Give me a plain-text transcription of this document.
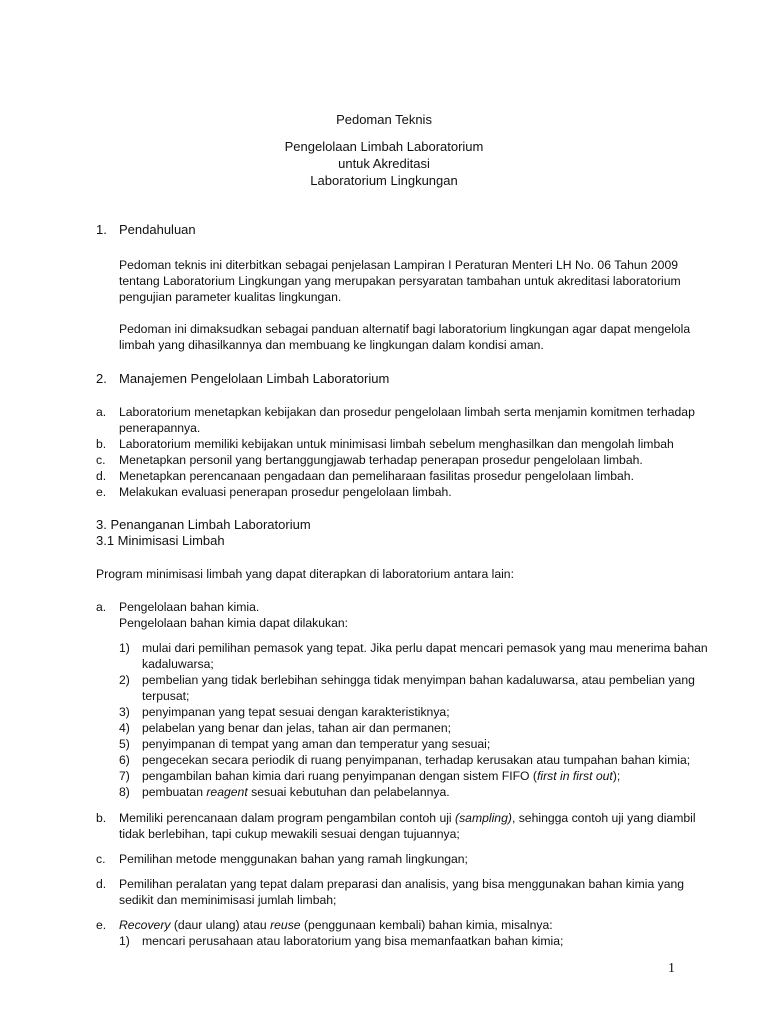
Pedoman Teknis
Pengelolaan Limbah Laboratorium
untuk Akreditasi
Laboratorium Lingkungan
1. Pendahuluan
Pedoman teknis ini diterbitkan sebagai penjelasan Lampiran I Peraturan Menteri LH No. 06 Tahun 2009
tentang Laboratorium Lingkungan yang merupakan persyaratan tambahan untuk akreditasi laboratorium
pengujian parameter kualitas lingkungan.
Pedoman ini dimaksudkan sebagai panduan alternatif bagi laboratorium lingkungan agar dapat mengelola
limbah yang dihasilkannya dan membuang ke lingkungan dalam kondisi aman.
2. Manajemen Pengelolaan Limbah Laboratorium
a. Laboratorium menetapkan kebijakan dan prosedur pengelolaan limbah serta menjamin komitmen terhadap
penerapannya.
b. Laboratorium memiliki kebijakan untuk minimisasi limbah sebelum menghasilkan dan mengolah limbah
c. Menetapkan personil yang bertanggungjawab terhadap penerapan prosedur pengelolaan limbah.
d. Menetapkan perencanaan pengadaan dan pemeliharaan fasilitas prosedur pengelolaan limbah.
e. Melakukan evaluasi penerapan prosedur pengelolaan limbah.
3. Penanganan Limbah Laboratorium
3.1 Minimisasi Limbah
Program minimisasi limbah yang dapat diterapkan di laboratorium antara lain:
a. Pengelolaan bahan kimia.
Pengelolaan bahan kimia dapat dilakukan:
1) mulai dari pemilihan pemasok yang tepat. Jika perlu dapat mencari pemasok yang mau menerima bahan
kadaluwarsa;
2) pembelian yang tidak berlebihan sehingga tidak menyimpan bahan kadaluwarsa, atau pembelian yang
terpusat;
3) penyimpanan yang tepat sesuai dengan karakteristiknya;
4) pelabelan yang benar dan jelas, tahan air dan permanen;
5) penyimpanan di tempat yang aman dan temperatur yang sesuai;
6) pengecekan secara periodik di ruang penyimpanan, terhadap kerusakan atau tumpahan bahan kimia;
7) pengambilan bahan kimia dari ruang penyimpanan dengan sistem FIFO (first in first out);
8) pembuatan reagent sesuai kebutuhan dan pelabelannya.
b. Memiliki perencanaan dalam program pengambilan contoh uji (sampling), sehingga contoh uji yang diambil
tidak berlebihan, tapi cukup mewakili sesuai dengan tujuannya;
c. Pemilihan metode menggunakan bahan yang ramah lingkungan;
d. Pemilihan peralatan yang tepat dalam preparasi dan analisis, yang bisa menggunakan bahan kimia yang
sedikit dan meminimisasi jumlah limbah;
e. Recovery (daur ulang) atau reuse (penggunaan kembali) bahan kimia, misalnya:
1) mencari perusahaan atau laboratorium yang bisa memanfaatkan bahan kimia;
1
